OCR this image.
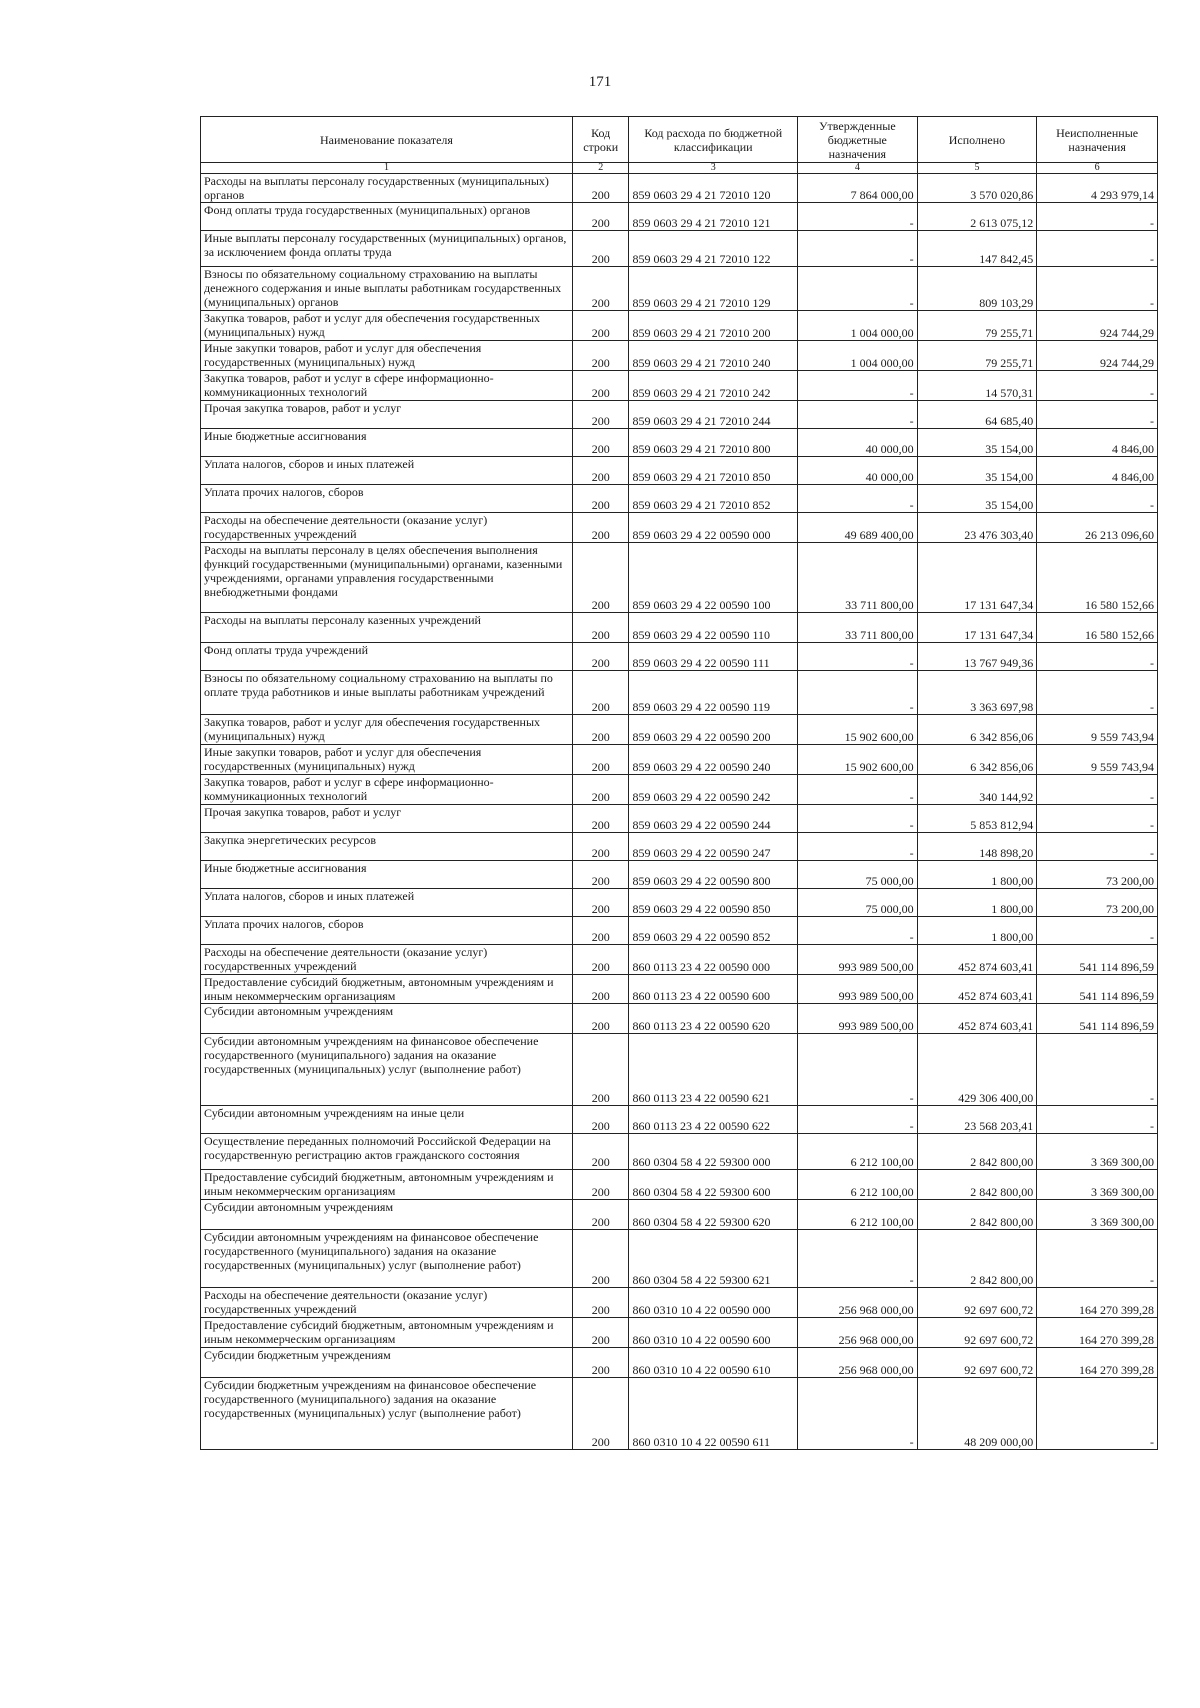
171
Наименование показателя	Код строки	Код расхода по бюджетной классификации	Утвержденные бюджетные назначения	Исполнено	Неисполненные назначения
1	2	3	4	5	6
Расходы на выплаты персоналу государственных (муниципальных) органов	200	859 0603 29 4 21 72010 120	7 864 000,00	3 570 020,86	4 293 979,14
Фонд оплаты труда государственных (муниципальных) органов	200	859 0603 29 4 21 72010 121	-	2 613 075,12	-
Иные выплаты персоналу государственных (муниципальных) органов, за исключением фонда оплаты труда	200	859 0603 29 4 21 72010 122	-	147 842,45	-
Взносы по обязательному социальному страхованию на выплаты денежного содержания и иные выплаты работникам государственных (муниципальных) органов	200	859 0603 29 4 21 72010 129	-	809 103,29	-
Закупка товаров, работ и услуг для обеспечения государственных (муниципальных) нужд	200	859 0603 29 4 21 72010 200	1 004 000,00	79 255,71	924 744,29
Иные закупки товаров, работ и услуг для обеспечения государственных (муниципальных) нужд	200	859 0603 29 4 21 72010 240	1 004 000,00	79 255,71	924 744,29
Закупка товаров, работ и услуг в сфере информационно-коммуникационных технологий	200	859 0603 29 4 21 72010 242	-	14 570,31	-
Прочая закупка товаров, работ и услуг	200	859 0603 29 4 21 72010 244	-	64 685,40	-
Иные бюджетные ассигнования	200	859 0603 29 4 21 72010 800	40 000,00	35 154,00	4 846,00
Уплата налогов, сборов и иных платежей	200	859 0603 29 4 21 72010 850	40 000,00	35 154,00	4 846,00
Уплата прочих налогов, сборов	200	859 0603 29 4 21 72010 852	-	35 154,00	-
Расходы на обеспечение деятельности (оказание услуг) государственных учреждений	200	859 0603 29 4 22 00590 000	49 689 400,00	23 476 303,40	26 213 096,60
Расходы на выплаты персоналу в целях обеспечения выполнения функций государственными (муниципальными) органами, казенными учреждениями, органами управления государственными внебюджетными фондами	200	859 0603 29 4 22 00590 100	33 711 800,00	17 131 647,34	16 580 152,66
Расходы на выплаты персоналу казенных учреждений	200	859 0603 29 4 22 00590 110	33 711 800,00	17 131 647,34	16 580 152,66
Фонд оплаты труда учреждений	200	859 0603 29 4 22 00590 111	-	13 767 949,36	-
Взносы по обязательному социальному страхованию на выплаты по оплате труда работников и иные выплаты работникам учреждений	200	859 0603 29 4 22 00590 119	-	3 363 697,98	-
Закупка товаров, работ и услуг для обеспечения государственных (муниципальных) нужд	200	859 0603 29 4 22 00590 200	15 902 600,00	6 342 856,06	9 559 743,94
Иные закупки товаров, работ и услуг для обеспечения государственных (муниципальных) нужд	200	859 0603 29 4 22 00590 240	15 902 600,00	6 342 856,06	9 559 743,94
Закупка товаров, работ и услуг в сфере информационно-коммуникационных технологий	200	859 0603 29 4 22 00590 242	-	340 144,92	-
Прочая закупка товаров, работ и услуг	200	859 0603 29 4 22 00590 244	-	5 853 812,94	-
Закупка энергетических ресурсов	200	859 0603 29 4 22 00590 247	-	148 898,20	-
Иные бюджетные ассигнования	200	859 0603 29 4 22 00590 800	75 000,00	1 800,00	73 200,00
Уплата налогов, сборов и иных платежей	200	859 0603 29 4 22 00590 850	75 000,00	1 800,00	73 200,00
Уплата прочих налогов, сборов	200	859 0603 29 4 22 00590 852	-	1 800,00	-
Расходы на обеспечение деятельности (оказание услуг) государственных учреждений	200	860 0113 23 4 22 00590 000	993 989 500,00	452 874 603,41	541 114 896,59
Предоставление субсидий бюджетным, автономным учреждениям и иным некоммерческим организациям	200	860 0113 23 4 22 00590 600	993 989 500,00	452 874 603,41	541 114 896,59
Субсидии автономным учреждениям	200	860 0113 23 4 22 00590 620	993 989 500,00	452 874 603,41	541 114 896,59
Субсидии автономным учреждениям на финансовое обеспечение государственного (муниципального) задания на оказание государственных (муниципальных) услуг (выполнение работ)	200	860 0113 23 4 22 00590 621	-	429 306 400,00	-
Субсидии автономным учреждениям на иные цели	200	860 0113 23 4 22 00590 622	-	23 568 203,41	-
Осуществление переданных полномочий Российской Федерации на государственную регистрацию актов гражданского состояния	200	860 0304 58 4 22 59300 000	6 212 100,00	2 842 800,00	3 369 300,00
Предоставление субсидий бюджетным, автономным учреждениям и иным некоммерческим организациям	200	860 0304 58 4 22 59300 600	6 212 100,00	2 842 800,00	3 369 300,00
Субсидии автономным учреждениям	200	860 0304 58 4 22 59300 620	6 212 100,00	2 842 800,00	3 369 300,00
Субсидии автономным учреждениям на финансовое обеспечение государственного (муниципального) задания на оказание государственных (муниципальных) услуг (выполнение работ)	200	860 0304 58 4 22 59300 621	-	2 842 800,00	-
Расходы на обеспечение деятельности (оказание услуг) государственных учреждений	200	860 0310 10 4 22 00590 000	256 968 000,00	92 697 600,72	164 270 399,28
Предоставление субсидий бюджетным, автономным учреждениям и иным некоммерческим организациям	200	860 0310 10 4 22 00590 600	256 968 000,00	92 697 600,72	164 270 399,28
Субсидии бюджетным учреждениям	200	860 0310 10 4 22 00590 610	256 968 000,00	92 697 600,72	164 270 399,28
Субсидии бюджетным учреждениям на финансовое обеспечение государственного (муниципального) задания на оказание государственных (муниципальных) услуг (выполнение работ)	200	860 0310 10 4 22 00590 611	-	48 209 000,00	-
